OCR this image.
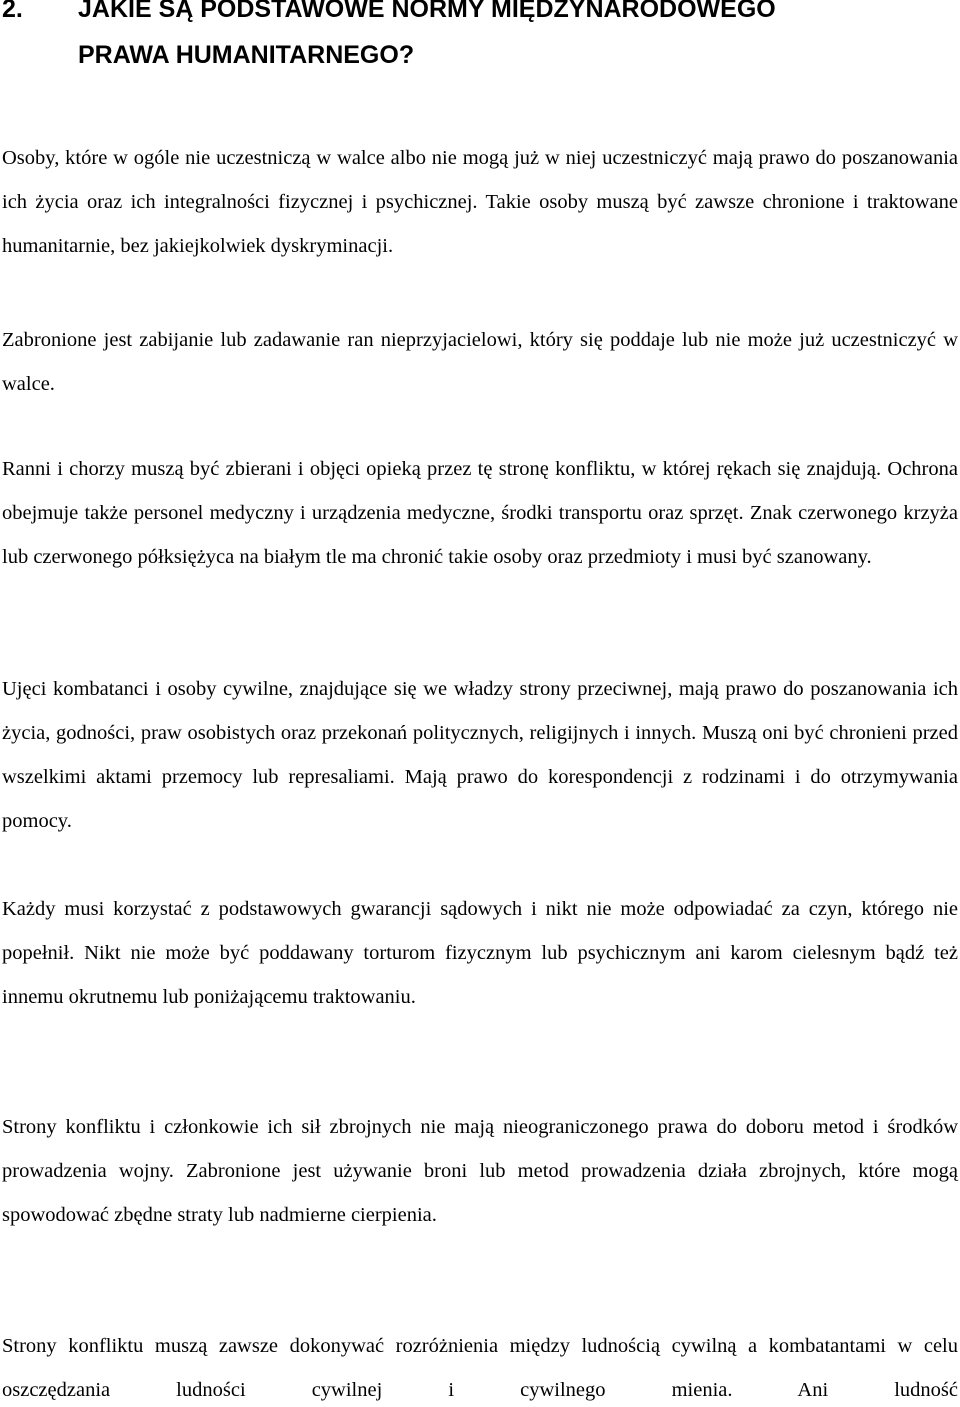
2. JAKIE SĄ PODSTAWOWE NORMY MIĘDZYNARODOWEGO
PRAWA HUMANITARNEGO?

Osoby, które w ogóle nie uczestniczą w walce albo nie mogą już w niej uczestniczyć mają prawo do poszanowania ich życia oraz ich integralności fizycznej i psychicznej. Takie osoby muszą być zawsze chronione i traktowane humanitarnie, bez jakiejkolwiek dyskryminacji.

Zabronione jest zabijanie lub zadawanie ran nieprzyjacielowi, który się poddaje lub nie może już uczestniczyć w walce.

Ranni i chorzy muszą być zbierani i objęci opieką przez tę stronę konfliktu, w której rękach się znajdują. Ochrona obejmuje także personel medyczny i urządzenia medyczne, środki transportu oraz sprzęt. Znak czerwonego krzyża lub czerwonego półksiężyca na białym tle ma chronić takie osoby oraz przedmioty i musi być szanowany.

Ujęci kombatanci i osoby cywilne, znajdujące się we władzy strony przeciwnej, mają prawo do poszanowania ich życia, godności, praw osobistych oraz przekonań politycznych, religijnych i innych. Muszą oni być chronieni przed wszelkimi aktami przemocy lub represaliami. Mają prawo do korespondencji z rodzinami i do otrzymywania pomocy.

Każdy musi korzystać z podstawowych gwarancji sądowych i nikt nie może odpowiadać za czyn, którego nie popełnił. Nikt nie może być poddawany torturom fizycznym lub psychicznym ani karom cielesnym bądź też innemu okrutnemu lub poniżającemu traktowaniu.

Strony konfliktu i członkowie ich sił zbrojnych nie mają nieograniczonego prawa do doboru metod i środków prowadzenia wojny. Zabronione jest używanie broni lub metod prowadzenia działa zbrojnych, które mogą spowodować zbędne straty lub nadmierne cierpienia.

Strony konfliktu muszą zawsze dokonywać rozróżnienia między ludnością cywilną a kombatantami w celu oszczędzania ludności cywilnej i cywilnego mienia. Ani ludność
